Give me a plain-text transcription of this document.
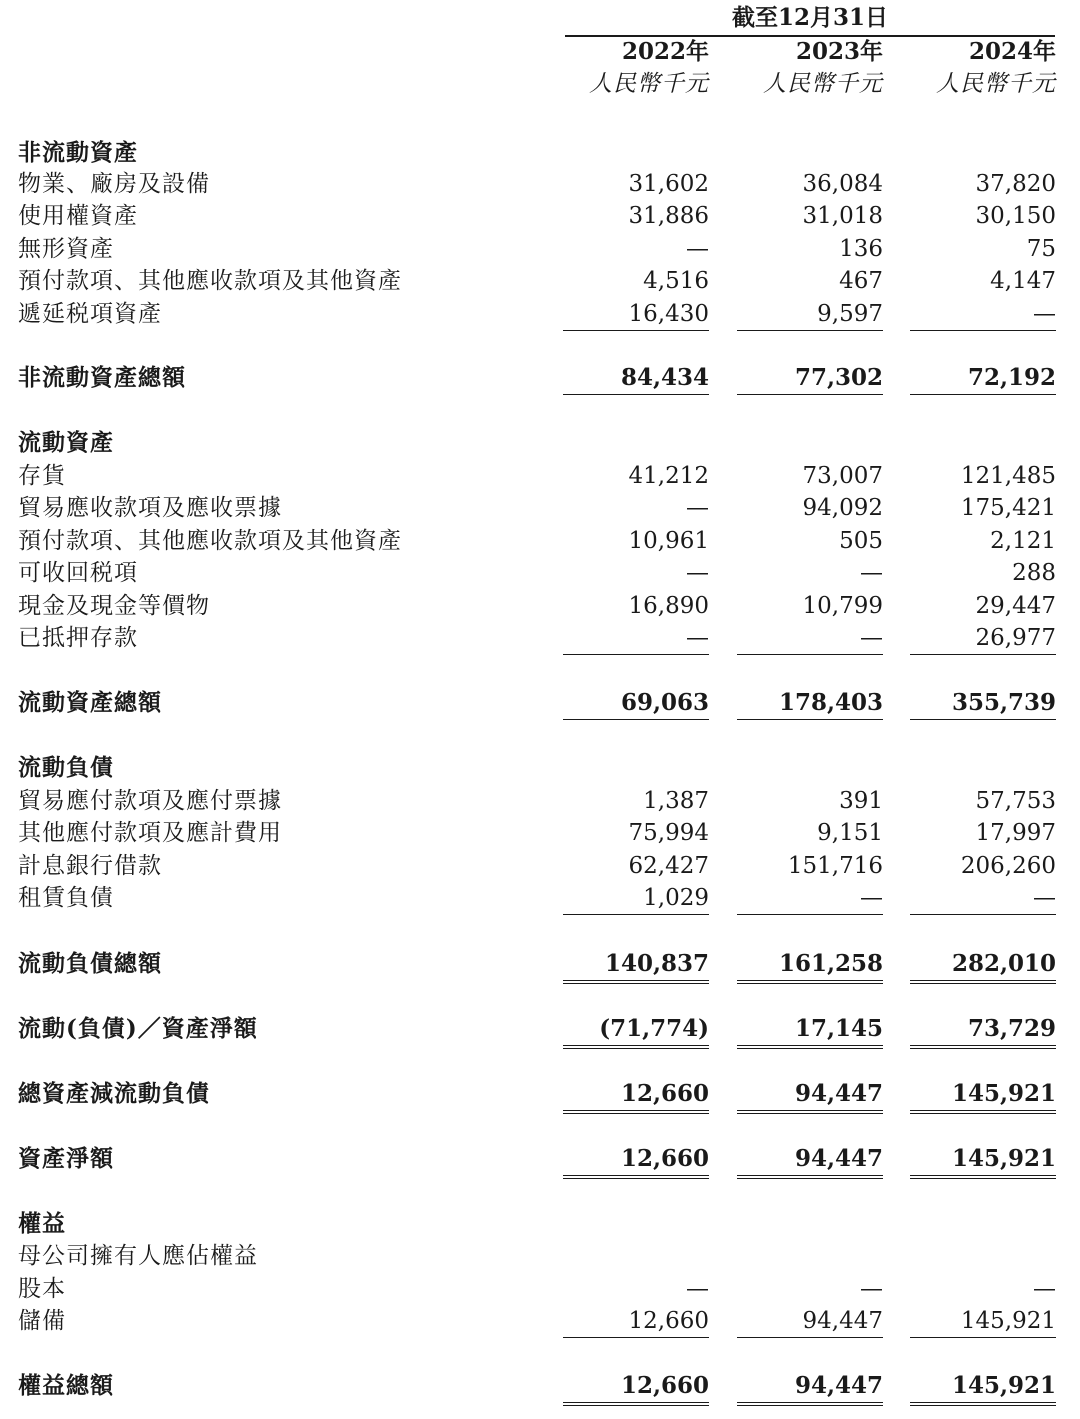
截至12月31日
2022年	2023年	2024年
人民幣千元	人民幣千元	人民幣千元
非流動資產
物業、廠房及設備	31,602	36,084	37,820
使用權資產	31,886	31,018	30,150
無形資產	—	136	75
預付款項、其他應收款項及其他資產	4,516	467	4,147
遞延税項資產	16,430	9,597	—
非流動資產總額	84,434	77,302	72,192
流動資產
存貨	41,212	73,007	121,485
貿易應收款項及應收票據	—	94,092	175,421
預付款項、其他應收款項及其他資產	10,961	505	2,121
可收回税項	—	—	288
現金及現金等價物	16,890	10,799	29,447
已抵押存款	—	—	26,977
流動資產總額	69,063	178,403	355,739
流動負債
貿易應付款項及應付票據	1,387	391	57,753
其他應付款項及應計費用	75,994	9,151	17,997
計息銀行借款	62,427	151,716	206,260
租賃負債	1,029	—	—
流動負債總額	140,837	161,258	282,010
流動(負債)／資產淨額	(71,774)	17,145	73,729
總資產減流動負債	12,660	94,447	145,921
資產淨額	12,660	94,447	145,921
權益
母公司擁有人應佔權益
股本	—	—	—
儲備	12,660	94,447	145,921
權益總額	12,660	94,447	145,921
